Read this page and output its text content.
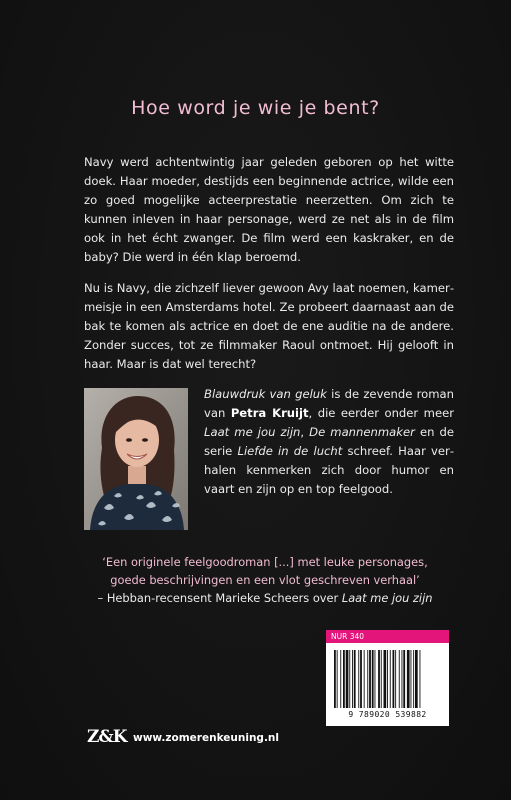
Hoe word je wie je bent?
Navy werd achtentwintig jaar geleden geboren op het witte doek. Haar moeder, destijds een beginnende actrice, wilde een zo goed mogelijke acteerprestatie neerzetten. Om zich te kunnen inleven in haar personage, werd ze net als in de film ook in het écht zwanger. De film werd een kaskraker, en de baby? Die werd in één klap beroemd.
Nu is Navy, die zichzelf liever gewoon Avy laat noemen, kamermeisje in een Amsterdams hotel. Ze probeert daarnaast aan de bak te komen als actrice en doet de ene auditie na de andere. Zonder succes, tot ze filmmaker Raoul ontmoet. Hij gelooft in haar. Maar is dat wel terecht?
Blauwdruk van geluk is de zevende roman van Petra Kruijt, die eerder onder meer Laat me jou zijn, De mannenmaker en de serie Liefde in de lucht schreef. Haar verhalen kenmerken zich door humor en vaart en zijn op en top feelgood.
‘Een originele feelgoodroman [...] met leuke personages,
goede beschrijvingen en een vlot geschreven verhaal’
– Hebban-recensent Marieke Scheers over Laat me jou zijn
NUR 340
9 789020 539882
Z&K www.zomerenkeuning.nl
